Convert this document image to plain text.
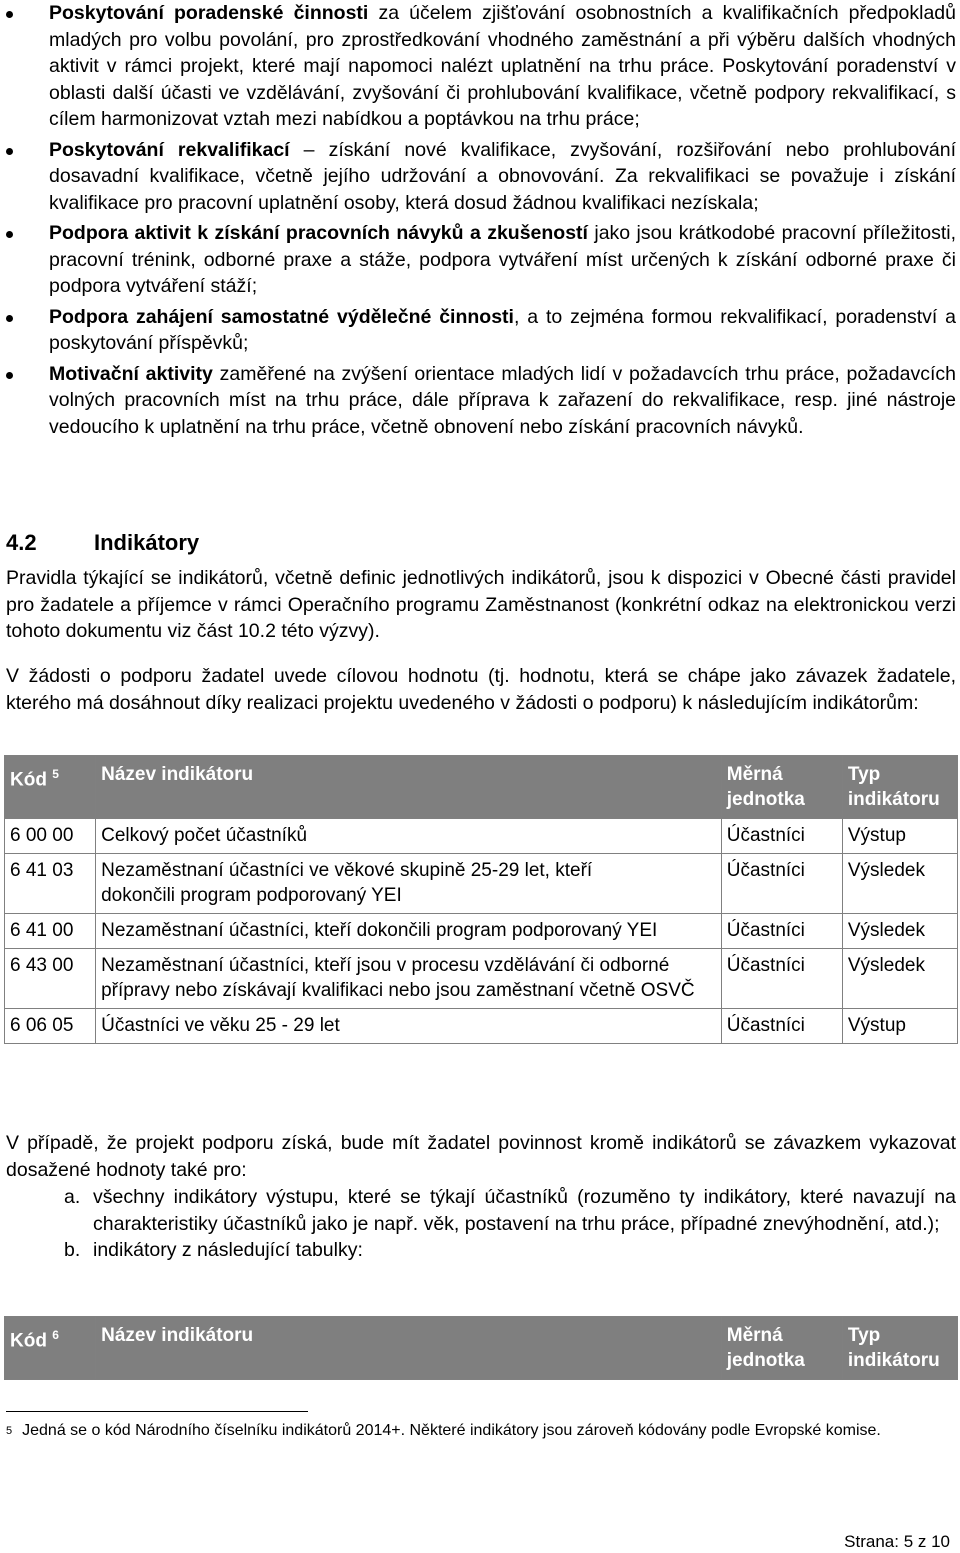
Poskytování poradenské činnosti za účelem zjišťování osobnostních a kvalifikačních předpokladů mladých pro volbu povolání, pro zprostředkování vhodného zaměstnání a při výběru dalších vhodných aktivit v rámci projekt, které mají napomoci nalézt uplatnění na trhu práce. Poskytování poradenství v oblasti další účasti ve vzdělávání, zvyšování či prohlubování kvalifikace, včetně podpory rekvalifikací, s cílem harmonizovat vztah mezi nabídkou a poptávkou na trhu práce;
Poskytování rekvalifikací – získání nové kvalifikace, zvyšování, rozšiřování nebo prohlubování dosavadní kvalifikace, včetně jejího udržování a obnovování. Za rekvalifikaci se považuje i získání kvalifikace pro pracovní uplatnění osoby, která dosud žádnou kvalifikaci nezískala;
Podpora aktivit k získání pracovních návyků a zkušeností jako jsou krátkodobé pracovní příležitosti, pracovní trénink, odborné praxe a stáže, podpora vytváření míst určených k získání odborné praxe či podpora vytváření stáží;
Podpora zahájení samostatné výdělečné činnosti, a to zejména formou rekvalifikací, poradenství a poskytování příspěvků;
Motivační aktivity zaměřené na zvýšení orientace mladých lidí v požadavcích trhu práce, požadavcích volných pracovních míst na trhu práce, dále příprava k zařazení do rekvalifikace, resp. jiné nástroje vedoucího k uplatnění na trhu práce, včetně obnovení nebo získání pracovních návyků.
4.2	Indikátory

Pravidla týkající se indikátorů, včetně definic jednotlivých indikátorů, jsou k dispozici v Obecné části pravidel pro žadatele a příjemce v rámci Operačního programu Zaměstnanost (konkrétní odkaz na elektronickou verzi tohoto dokumentu viz část 10.2 této výzvy).

V žádosti o podporu žadatel uvede cílovou hodnotu (tj. hodnotu, která se chápe jako závazek žadatele, kterého má dosáhnout díky realizaci projektu uvedeného v žádosti o podporu) k následujícím indikátorům:

Kód $^5$	Název indikátoru	Měrná jednotka	Typ indikátoru
6 00 00	Celkový počet účastníků	Účastníci	Výstup
6 41 03	Nezaměstnaní účastníci ve věkové skupině 25-29 let, kteří dokončili program podporovaný YEI	Účastníci	Výsledek
6 41 00	Nezaměstnaní účastníci, kteří dokončili program podporovaný YEI	Účastníci	Výsledek
6 43 00	Nezaměstnaní účastníci, kteří jsou v procesu vzdělávání či odborné přípravy nebo získávají kvalifikaci nebo jsou zaměstnaní včetně OSVČ	Účastníci	Výsledek
6 06 05	Účastníci ve věku 25 - 29 let	Účastníci	Výstup

V případě, že projekt podporu získá, bude mít žadatel povinnost kromě indikátorů se závazkem vykazovat dosažené hodnoty také pro:

a. všechny indikátory výstupu, které se týkají účastníků (rozuměno ty indikátory, které navazují na charakteristiky účastníků jako je např. věk, postavení na trhu práce, případné znevýhodnění, atd.);
b. indikátory z následující tabulky:
Kód $^6$	Název indikátoru	Měrná jednotka	Typ indikátoru
$^5$ Jedná se o kód Národního číselníku indikátorů 2014+. Některé indikátory jsou zároveň kódovány podle Evropské komise.
Strana: 5 z 10
